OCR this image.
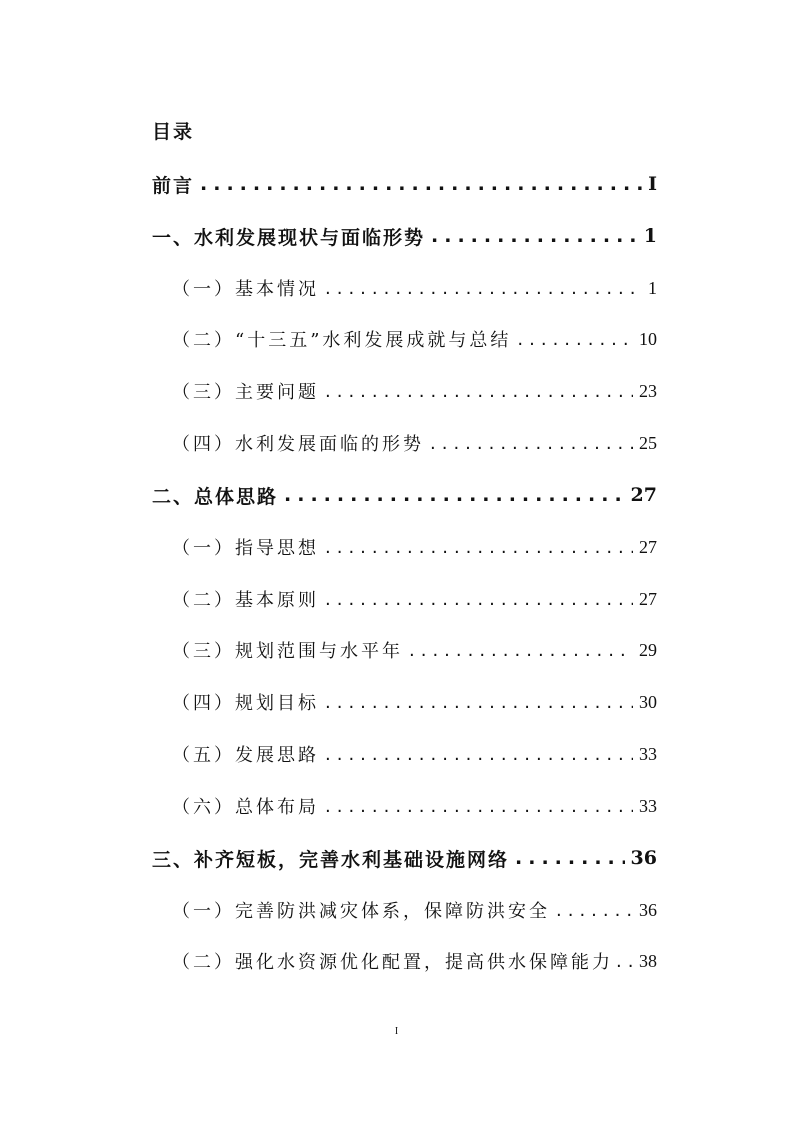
目录
前言 .....	I
一、水利发展现状与面临形势 .....	1
（一）基本情况 .....	1
（二）“十三五”水利发展成就与总结 .....	10
（三）主要问题 .....	23
（四）水利发展面临的形势 .....	25
二、总体思路 .....	27
（一）指导思想 .....	27
（二）基本原则 .....	27
（三）规划范围与水平年 .....	29
（四）规划目标 .....	30
（五）发展思路 .....	33
（六）总体布局 .....	33
三、补齐短板，完善水利基础设施网络 .....	36
（一）完善防洪减灾体系，保障防洪安全 .....	36
（二）强化水资源优化配置，提高供水保障能力 ..... 38
I
